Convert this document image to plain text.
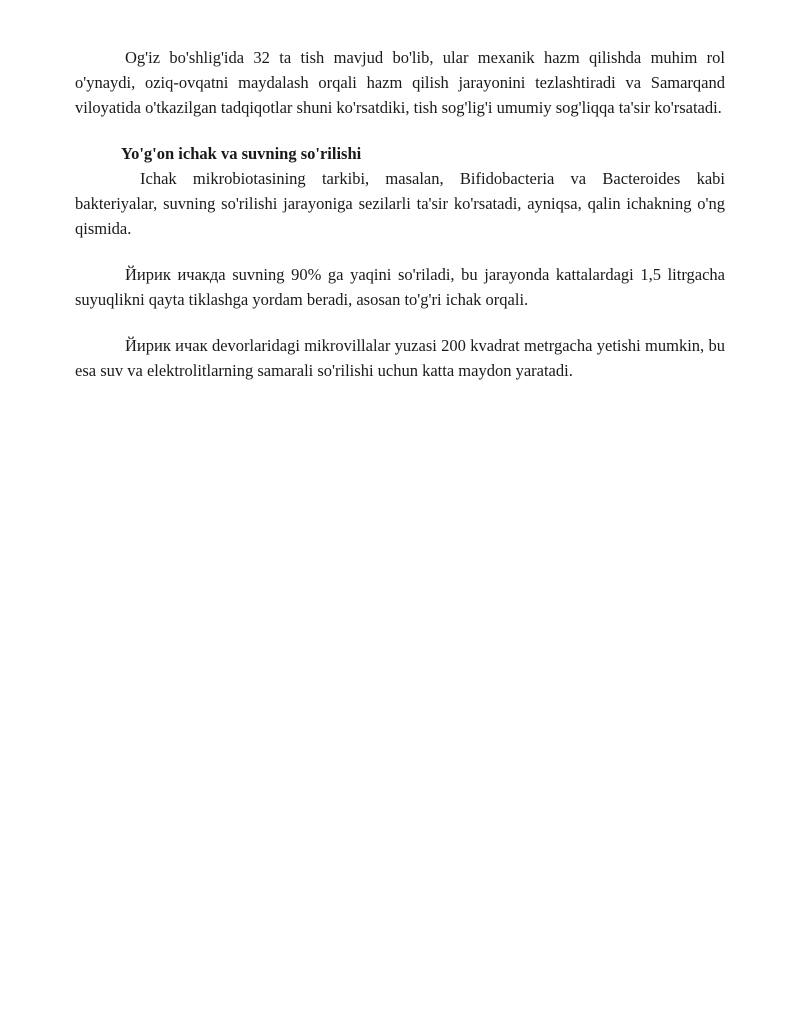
Og'iz bo'shlig'ida 32 ta tish mavjud bo'lib, ular mexanik hazm qilishda muhim rol o'ynaydi, oziq-ovqatni maydalash orqali hazm qilish jarayonini tezlashtiradi va Samarqand viloyatida o'tkazilgan tadqiqotlar shuni ko'rsatdiki, tish sog'lig'i umumiy sog'liqqa ta'sir ko'rsatadi.

Yo'g'on ichak va suvning so'rilishi

Ichak mikrobiotasining tarkibi, masalan, Bifidobacteria va Bacteroides kabi bakteriyalar, suvning so'rilishi jarayoniga sezilarli ta'sir ko'rsatadi, ayniqsa, qalin ichakning o'ng qismida.

Йирик ичакда suvning 90% ga yaqini so'riladi, bu jarayonda kattalardagi 1,5 litrgacha suyuqlikni qayta tiklashga yordam beradi, asosan to'g'ri ichak orqali.

Йирик ичак devorlaridagi mikrovillalar yuzasi 200 kvadrat metrgacha yetishi mumkin, bu esa suv va elektrolitlarning samarali so'rilishi uchun katta maydon yaratadi.
